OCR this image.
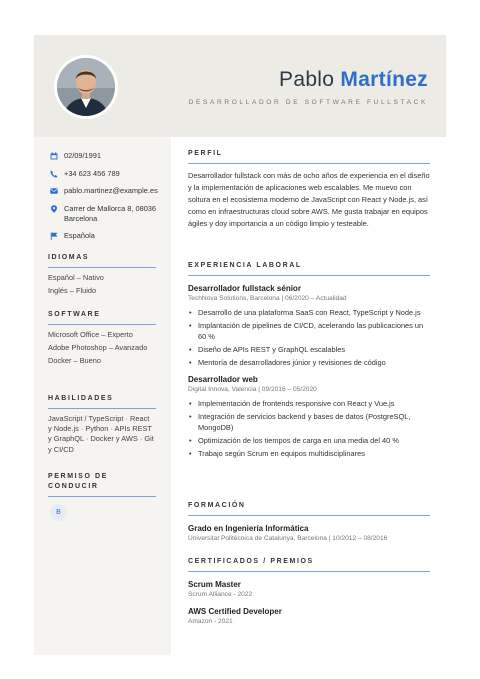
Pablo Martínez
DESARROLLADOR DE SOFTWARE FULLSTACK
02/09/1991
+34 623 456 789
pablo.martinez@example.es
Carrer de Mallorca 8, 08036 Barcelona
Española
IDIOMAS
Español – Nativo
Inglés – Fluido
SOFTWARE
Microsoft Office – Experto
Adobe Photoshop – Avanzado
Docker – Bueno
HABILIDADES
JavaScript / TypeScript · React y Node.js · Python · APIs REST y GraphQL · Docker y AWS · Git y CI/CD
PERMISO DE CONDUCIR
B
PERFIL
Desarrollador fullstack con más de ocho años de experiencia en el diseño y la implementación de aplicaciones web escalables. Me muevo con soltura en el ecosistema moderno de JavaScript con React y Node.js, así como en infraestructuras cloud sobre AWS. Me gusta trabajar en equipos ágiles y doy importancia a un código limpio y testeable.
EXPERIENCIA LABORAL
Desarrollador fullstack sénior
TechNova Solutions, Barcelona | 06/2020 – Actualidad
• Desarrollo de una plataforma SaaS con React, TypeScript y Node.js
• Implantación de pipelines de CI/CD, acelerando las publicaciones un 60 %
• Diseño de APIs REST y GraphQL escalables
• Mentoría de desarrolladores júnior y revisiones de código
Desarrollador web
Digital Innova, Valencia | 09/2016 – 05/2020
• Implementación de frontends responsive con React y Vue.js
• Integración de servicios backend y bases de datos (PostgreSQL, MongoDB)
• Optimización de los tiempos de carga en una media del 40 %
• Trabajo según Scrum en equipos multidisciplinares
FORMACIÓN
Grado en Ingeniería Informática
Universitat Politècnica de Catalunya, Barcelona | 10/2012 – 08/2016
CERTIFICADOS / PREMIOS
Scrum Master
Scrum Alliance - 2022
AWS Certified Developer
Amazon - 2021
